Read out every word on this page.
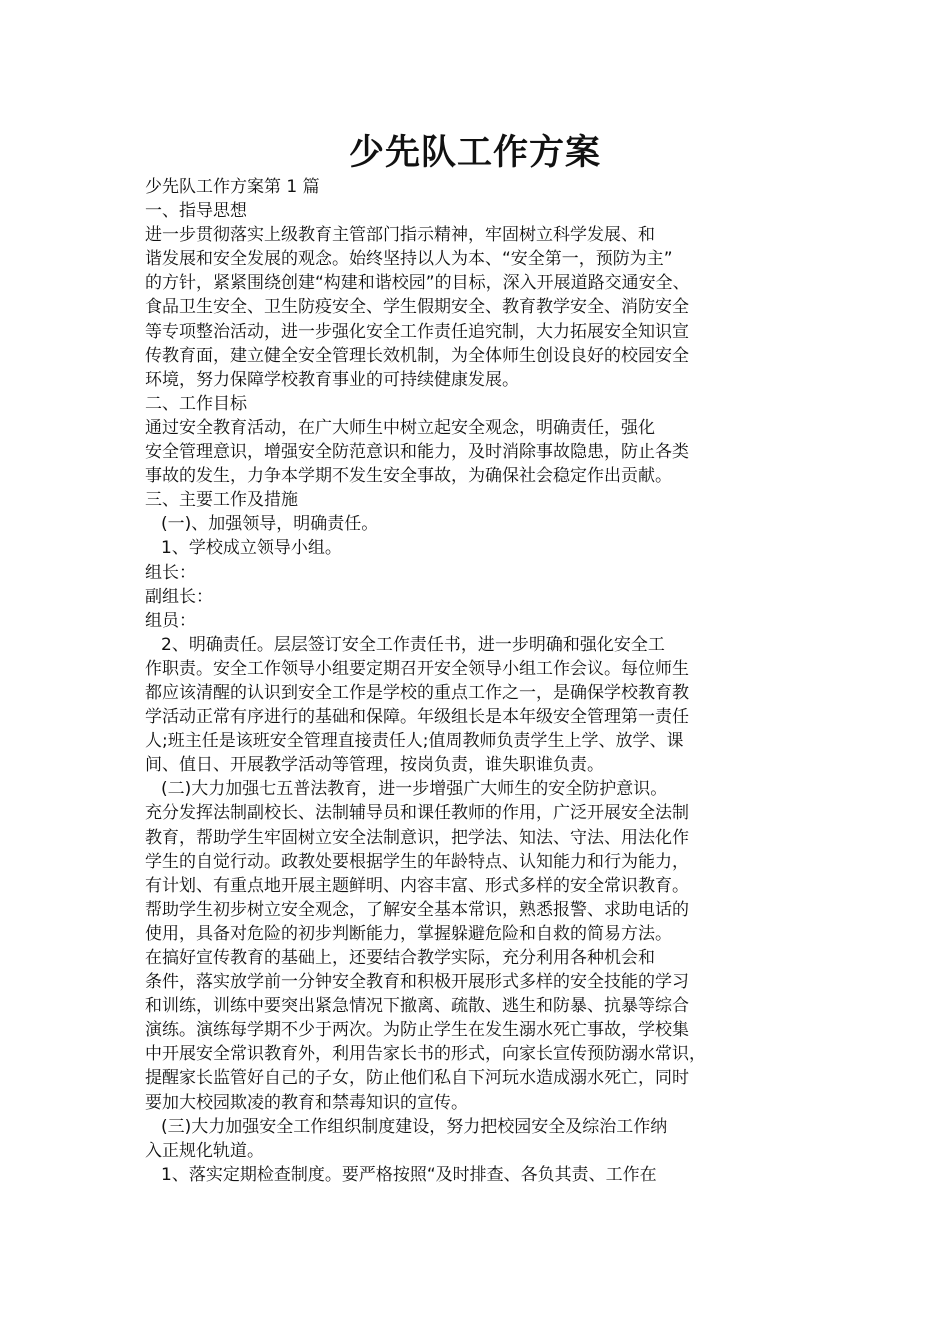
少先队工作方案
少先队工作方案第 1 篇
一、指导思想
进一步贯彻落实上级教育主管部门指示精神，牢固树立科学发展、和
谐发展和安全发展的观念。始终坚持以人为本、“安全第一，预防为主”
的方针，紧紧围绕创建“构建和谐校园”的目标，深入开展道路交通安全、
食品卫生安全、卫生防疫安全、学生假期安全、教育教学安全、消防安全
等专项整治活动，进一步强化安全工作责任追究制，大力拓展安全知识宣
传教育面，建立健全安全管理长效机制，为全体师生创设良好的校园安全
环境，努力保障学校教育事业的可持续健康发展。
二、工作目标
通过安全教育活动，在广大师生中树立起安全观念，明确责任，强化
安全管理意识，增强安全防范意识和能力，及时消除事故隐患，防止各类
事故的发生，力争本学期不发生安全事故，为确保社会稳定作出贡献。
三、主要工作及措施
(一)、加强领导，明确责任。
1、学校成立领导小组。
组长：
副组长：
组员：
2、明确责任。层层签订安全工作责任书，进一步明确和强化安全工
作职责。安全工作领导小组要定期召开安全领导小组工作会议。每位师生
都应该清醒的认识到安全工作是学校的重点工作之一，是确保学校教育教
学活动正常有序进行的基础和保障。年级组长是本年级安全管理第一责任
人;班主任是该班安全管理直接责任人;值周教师负责学生上学、放学、课
间、值日、开展教学活动等管理，按岗负责，谁失职谁负责。
(二)大力加强七五普法教育，进一步增强广大师生的安全防护意识。
充分发挥法制副校长、法制辅导员和课任教师的作用，广泛开展安全法制
教育，帮助学生牢固树立安全法制意识，把学法、知法、守法、用法化作
学生的自觉行动。政教处要根据学生的年龄特点、认知能力和行为能力，
有计划、有重点地开展主题鲜明、内容丰富、形式多样的安全常识教育。
帮助学生初步树立安全观念，了解安全基本常识，熟悉报警、求助电话的
使用，具备对危险的初步判断能力，掌握躲避危险和自救的简易方法。
在搞好宣传教育的基础上，还要结合教学实际，充分利用各种机会和
条件，落实放学前一分钟安全教育和积极开展形式多样的安全技能的学习
和训练，训练中要突出紧急情况下撤离、疏散、逃生和防暴、抗暴等综合
演练。演练每学期不少于两次。为防止学生在发生溺水死亡事故，学校集
中开展安全常识教育外，利用告家长书的形式，向家长宣传预防溺水常识，
提醒家长监管好自己的子女，防止他们私自下河玩水造成溺水死亡，同时
要加大校园欺凌的教育和禁毒知识的宣传。
(三)大力加强安全工作组织制度建设，努力把校园安全及综治工作纳
入正规化轨道。
1、落实定期检查制度。要严格按照“及时排查、各负其责、工作在
